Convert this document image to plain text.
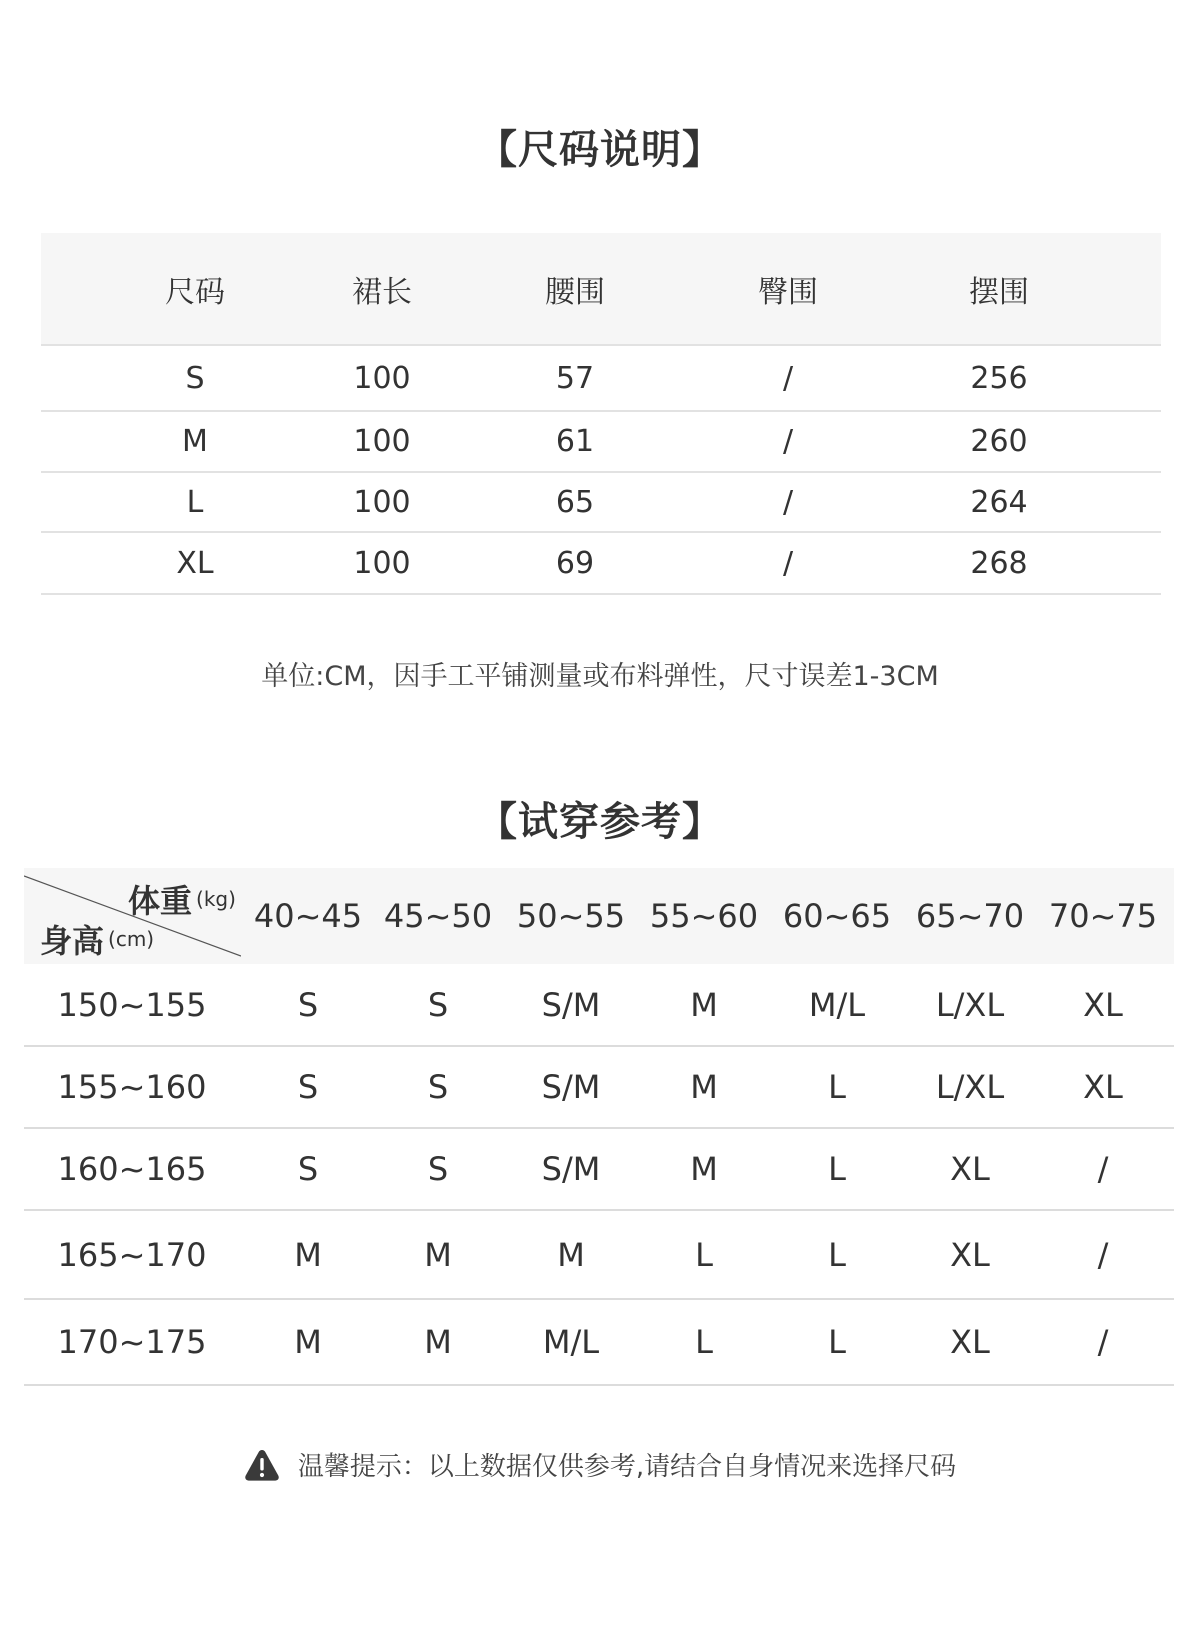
【尺码说明】
尺码	裙长	腰围	臀围	摆围
S	100	57	/	256
M	100	61	/	260
L	100	65	/	264
XL	100	69	/	268
单位:CM，因手工平铺测量或布料弹性，尺寸误差1-3CM
【试穿参考】
体重 (kg)
身高 (cm)
40~45 45~50 50~55 55~60 60~65 65~70 70~75
150~155	S	S	S/M	M	M/L L/XL XL
155~160	S	S	S/M	M	L	L/XL XL
160~165	S	S	S/M	M	L	XL	/
165~170	M	M	M	L	L	XL	/
170~175	M	M	M/L	L	L	XL	/
温馨提示：以上数据仅供参考,请结合自身情况来选择尺码
